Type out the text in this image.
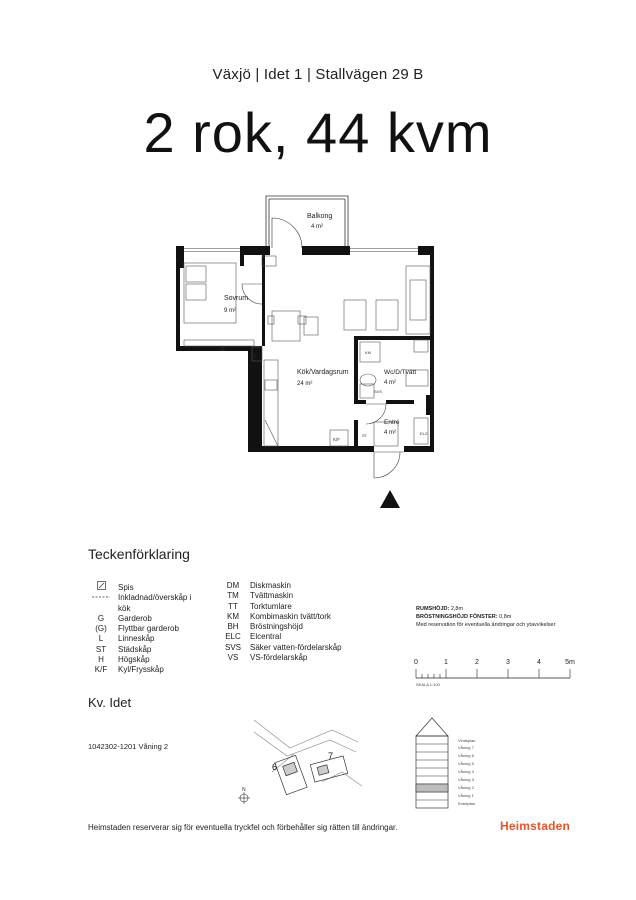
Växjö | Idet 1 | Stallvägen 29 B
2 rok, 44 kvm
Balkong
4 m²
Sovrum
9 m²
Kök/Vardagsrum
24 m²
Wc/D/Tvätt
4 m²
Entré
4 m²
G
L
K/F
KM
SVS
ST	ELC
Teckenförklaring
Spis
Inkladnad/överskåp i kök
G Garderob
(G) Flyttbar garderob
L Linneskåp
ST Städskåp
H Högskåp
K/F Kyl/Frysskåp
DM Diskmaskin
TM Tvättmaskin
TT Torktumlare
KM Kombimaskin tvätt/tork
BH Bröstningshöjd
ELC Elcentral
SVS Säker vatten-fördelarskåp
VS VS-fördelarskåp
RUMSHÖJD: 2,8m
BRÖSTNINGSHÖJD FÖNSTER: 0,8m
Med reservation för eventuella ändringar och ytavvikelser
0	1	2	3	4	5m
SKALA 1:100
Kv. Idet
1042302-1201 Våning 2
6
7
N
Vindsplan
Våning 7
Våning 6
Våning 5
Våning 4
Våning 3
Våning 2
Våning 1
Entréplan
Heimstaden reserverar sig för eventuella tryckfel och förbehåller sig rätten till ändringar.	Heimstaden
